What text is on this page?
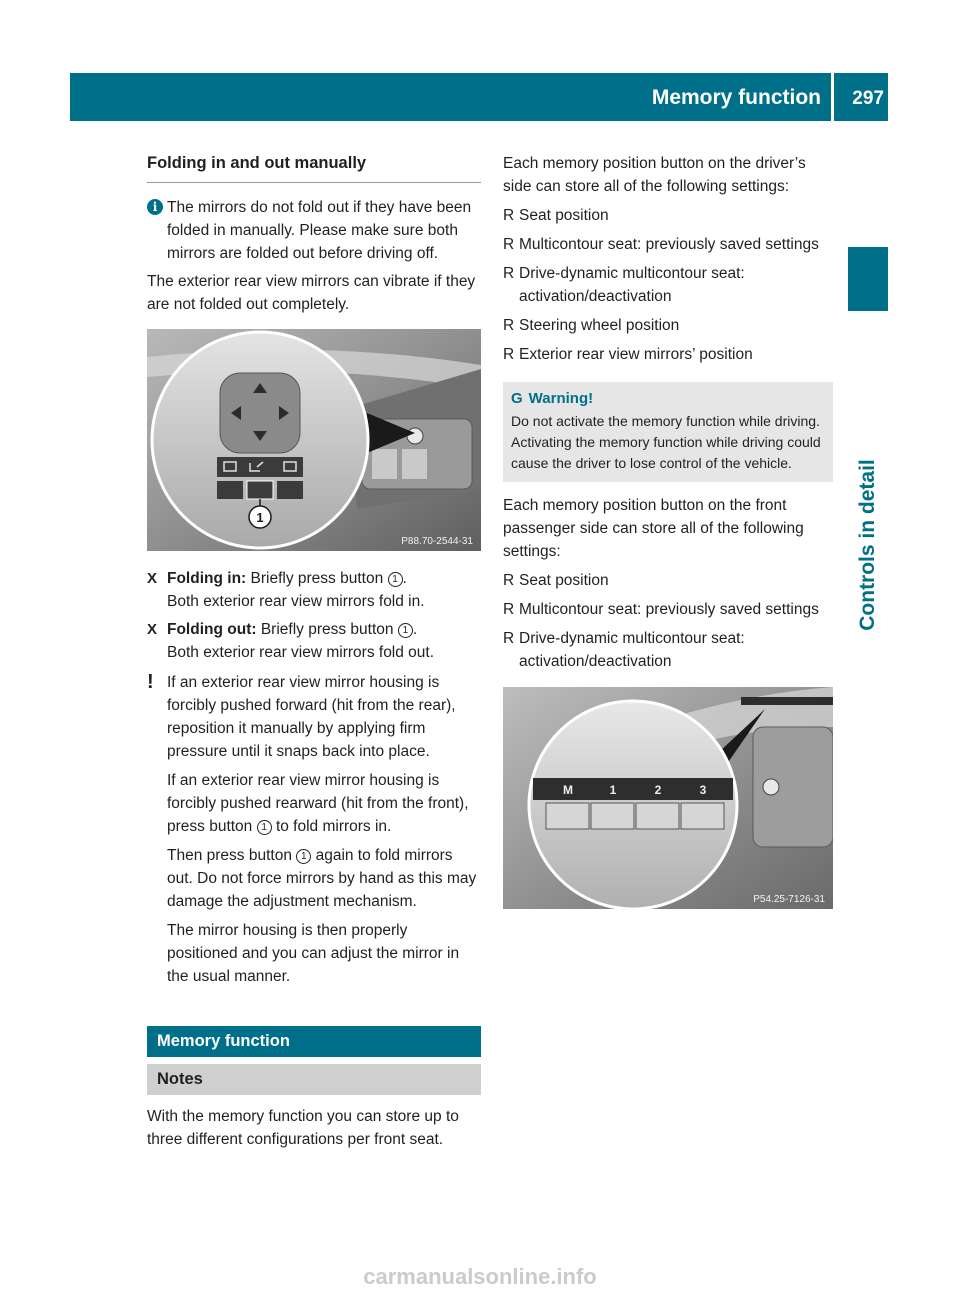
Memory function 297
Controls in detail
Folding in and out manually
i The mirrors do not fold out if they have been folded in manually. Please make sure both mirrors are folded out before driving off.

The exterior rear view mirrors can vibrate if they are not folded out completely.

1
P88.70-2544-31
X Folding in: Briefly press button 1 .

Both exterior rear view mirrors fold in.

X Folding out: Briefly press button 1 .

Both exterior rear view mirrors fold out.

! If an exterior rear view mirror housing is forcibly pushed forward (hit from the rear), reposition it manually by applying firm pressure until it snaps back into place.

If an exterior rear view mirror housing is forcibly pushed rearward (hit from the front), press button 1 to fold mirrors in.

Then press button 1 again to fold mirrors out. Do not force mirrors by hand as this may damage the adjustment mechanism.

The mirror housing is then properly positioned and you can adjust the mirror in the usual manner.

Memory function
Notes

With the memory function you can store up to three different configurations per front seat.

Each memory position button on the driver’s side can store all of the following settings:

R Seat position
R Multicontour seat: previously saved settings
R Drive-dynamic multicontour seat: activation/deactivation
R Steering wheel position
R Exterior rear view mirrors’ position
G Warning!

Do not activate the memory function while driving. Activating the memory function while driving could cause the driver to lose control of the vehicle.

Each memory position button on the front passenger side can store all of the following settings:

R Seat position
R Multicontour seat: previously saved settings
R Drive-dynamic multicontour seat: activation/deactivation
M	1	2	3
P54.25-7126-31
carmanualsonline.info
